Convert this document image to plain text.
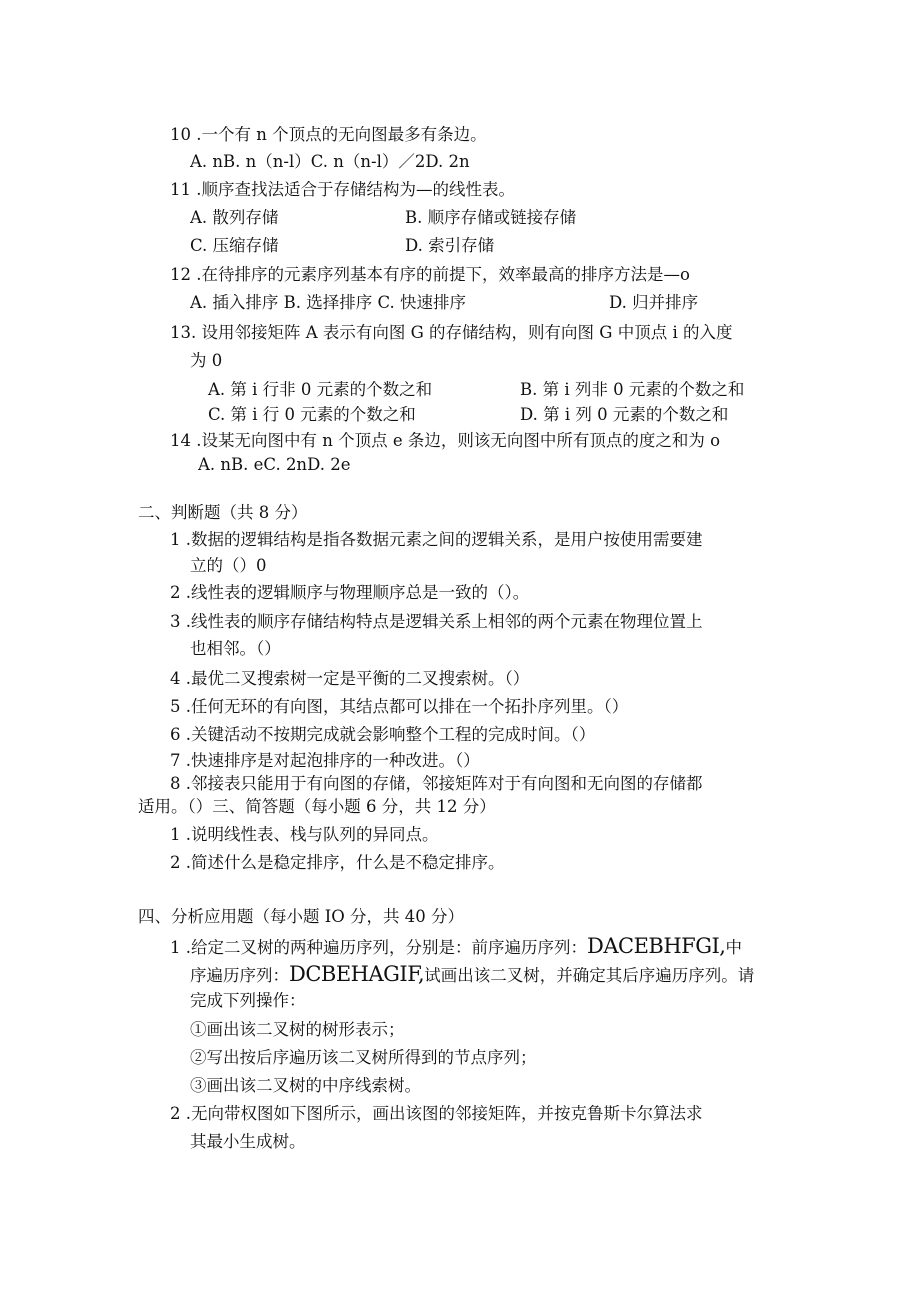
10 .一个有 n 个顶点的无向图最多有条边。
A. nB. n（n-l）C. n（n-l）／2D. 2n
11 .顺序查找法适合于存储结构为—的线性表。
A. 散列存储	B. 顺序存储或链接存储
C. 压缩存储	D. 索引存储
12 .在待排序的元素序列基本有序的前提下，效率最高的排序方法是—o
A. 插入排序 B. 选择排序 C. 快速排序	D. 归并排序
13. 设用邻接矩阵 A 表示有向图 G 的存储结构，则有向图 G 中顶点 i 的入度
为 0
A. 第 i 行非 0 元素的个数之和	B. 第 i 列非 0 元素的个数之和
C. 第 i 行 0 元素的个数之和	D. 第 i 列 0 元素的个数之和
14 .设某无向图中有 n 个顶点 e 条边，则该无向图中所有顶点的度之和为 o
A. nB. eC. 2nD. 2e
二、判断题（共 8 分）
1 .数据的逻辑结构是指各数据元素之间的逻辑关系，是用户按使用需要建
立的（）0
2 .线性表的逻辑顺序与物理顺序总是一致的（）。
3 .线性表的顺序存储结构特点是逻辑关系上相邻的两个元素在物理位置上
也相邻。（）
4 .最优二叉搜索树一定是平衡的二叉搜索树。（）
5 .任何无环的有向图，其结点都可以排在一个拓扑序列里。（）
6 .关键活动不按期完成就会影响整个工程的完成时间。（）
7 .快速排序是对起泡排序的一种改进。（）
8 .邻接表只能用于有向图的存储，邻接矩阵对于有向图和无向图的存储都
适用。（）三、简答题（每小题 6 分，共 12 分）
1 .说明线性表、栈与队列的异同点。
2 .简述什么是稳定排序，什么是不稳定排序。
四、分析应用题（每小题 IO 分，共 40 分）
1 .给定二叉树的两种遍历序列，分别是：前序遍历序列：DACEBHFGI,中
序遍历序列：DCBEHAGIF,试画出该二叉树，并确定其后序遍历序列。请
完成下列操作：
①画出该二叉树的树形表示；
②写出按后序遍历该二叉树所得到的节点序列；
③画出该二叉树的中序线索树。
2 .无向带权图如下图所示，画出该图的邻接矩阵，并按克鲁斯卡尔算法求
其最小生成树。
